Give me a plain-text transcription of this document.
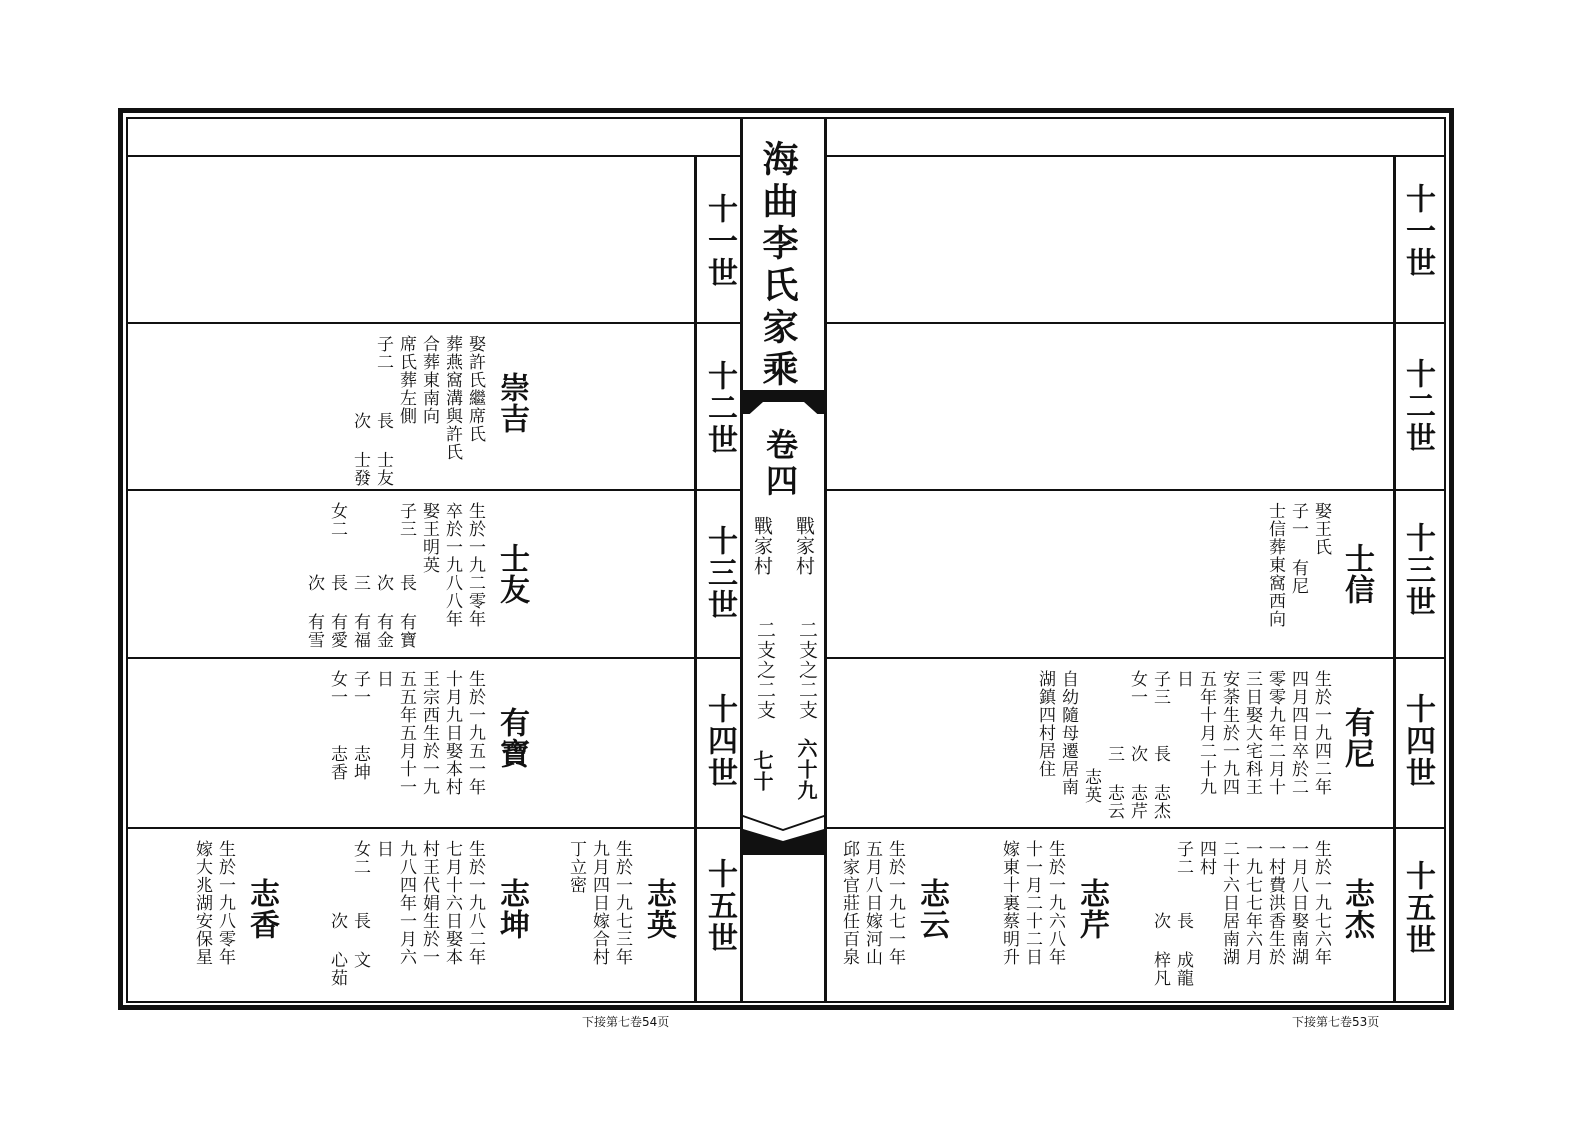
海曲李氏家乘
卷四
戰家村
戰家村
二支之二支
二支之二支
六十九
七十
十一世
十二世
十三世
十四世
十五世
十一世
十二世
十三世
十四世
十五世
崇吉
娶許氏繼席氏
葬燕窩溝與許氏
合葬東南向
席氏葬左側
子二
長 士友
次 士發
士友
生於一九二零年
卒於一九八八年
娶王明英
子三
長 有寶
次 有金
三 有福
女二
長 有愛
次 有雪
有寶
生於一九五一年
十月九日娶本村
王宗西生於一九
五五年五月十一
日
子一
志坤
女一
志香
志英
生於一九七三年
九月四日嫁合村
丁立密
志坤
生於一九八二年
七月十六日娶本
村王代娟生於一
九八四年一月六
日
女二
長 文
次 心茹
志香
生於一九八零年
嫁大兆湖安保星
士信
娶王氏
子一 有尼
士信葬東窩西向
有尼
生於一九四二年
四月四日卒於二
零零九年二月十
三日娶大宅科王
安荼生於一九四
五年十月二十九
日
子三
長 志杰
次 志芹
三 志云
女一
志英
自幼隨母遷居南
湖鎮四村居住
志杰
生於一九七六年
一月八日娶南湖
一村費洪香生於
一九七七年六月
二十六日居南湖
四村
子二
長 成龍
次 梓凡
志芹
生於一九六八年
十一月二十二日
嫁東十裏蔡明升
志云
生於一九七一年
五月八日嫁河山
邱家官莊任百泉
下接第七卷54页	下接第七卷53页
